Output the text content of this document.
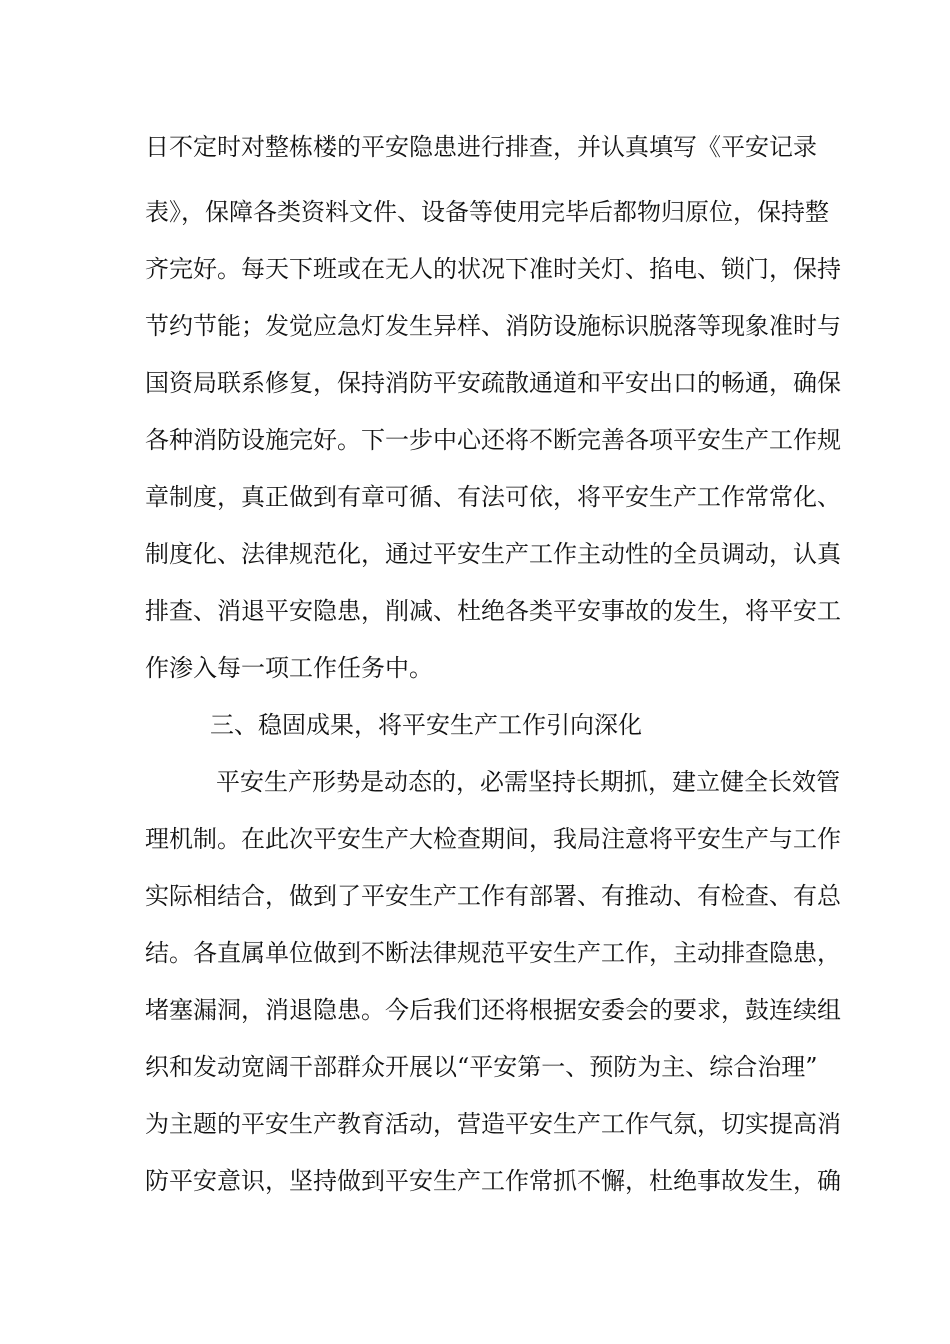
日不定时对整栋楼的平安隐患进行排查，并认真填写《平安记录
表》，保障各类资料文件、设备等使用完毕后都物归原位，保持整
齐完好。每天下班或在无人的状况下准时关灯、掐电、锁门，保持
节约节能；发觉应急灯发生异样、消防设施标识脱落等现象准时与
国资局联系修复，保持消防平安疏散通道和平安出口的畅通，确保
各种消防设施完好。下一步中心还将不断完善各项平安生产工作规
章制度，真正做到有章可循、有法可依，将平安生产工作常常化、
制度化、法律规范化，通过平安生产工作主动性的全员调动，认真
排查、消退平安隐患，削减、杜绝各类平安事故的发生，将平安工
作渗入每一项工作任务中。
三、稳固成果，将平安生产工作引向深化
平安生产形势是动态的，必需坚持长期抓，建立健全长效管
理机制。在此次平安生产大检查期间，我局注意将平安生产与工作
实际相结合，做到了平安生产工作有部署、有推动、有检查、有总
结。各直属单位做到不断法律规范平安生产工作，主动排查隐患，
堵塞漏洞，消退隐患。今后我们还将根据安委会的要求，鼓连续组
织和发动宽阔干部群众开展以“平安第一、预防为主、综合治理”
为主题的平安生产教育活动，营造平安生产工作气氛，切实提高消
防平安意识，坚持做到平安生产工作常抓不懈，杜绝事故发生，确
